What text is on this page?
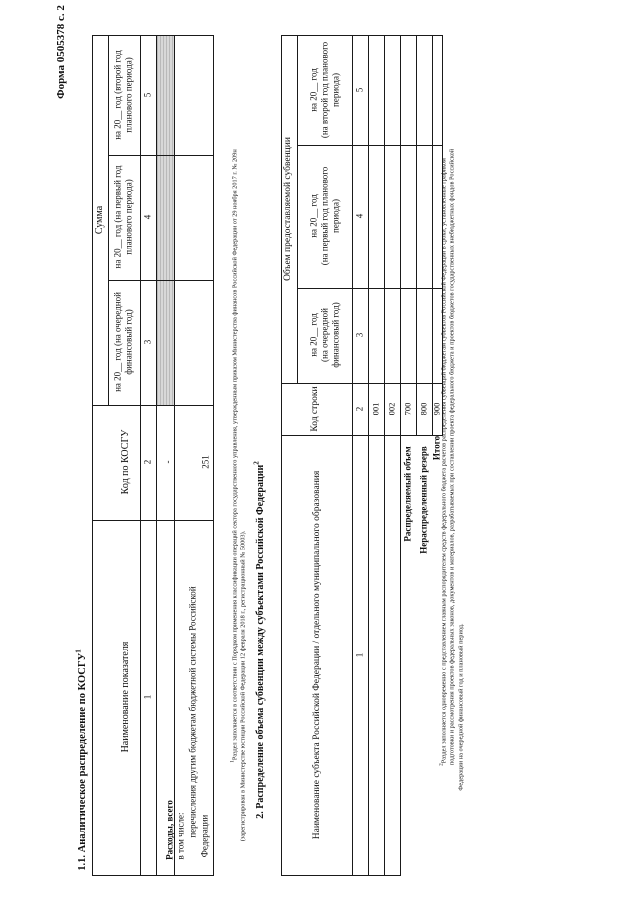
Форма 0505378 с. 2
1.1. Аналитическое распределение по КОСГУ$^1$	Наименование показателя
Код по КОСГУ
Сумма
на 20__ год (на очередной финансовый год)
на 20__ год (на первый год планового периода)
на 20__ год (второй год планового периода)
1
2
3
4
5
Расходы, всего
-
в том числе: перечисления другим бюджетам бюджетной системы Российской Федерации
251
$^1$Раздел заполняется в соответствии с Порядком применения классификации операций сектора государственного управления, утвержденным приказом Министерства финансов Российской Федерации от 29 ноября 2017 г. № 209н (зарегистрирован в Министерстве юстиции Российской Федерации 12 февраля 2018 г., регистрационный № 50003). 2. Распределение объема субвенции между субъектами Российской Федерации$^2$
Наименование субъекта Российской Федерации / отдельного муниципального образования
Код строки
Объем предоставляемой субвенции
на 20__ год (на очередной финансовый год)
на 20__ год (на первый год планового периода)
на 20__ год (на второй год планового периода)
1
2
3
4
5
001 002
Распределяемый объем
700
Нераспределенный резерв
800
Итого
900
$^2$Раздел заполняется одновременно с представлением главным распорядителем средств федерального бюджета расчетов распределения субвенций бюджетам субъектов Российской Федерации в сроки, установленные графиком подготовки и рассмотрения проектов федеральных законов, документов и материалов, разрабатываемых при составлении проекта федерального бюджета и проектов бюджетов государственных внебюджетных фондов Российской Федерации на очередной финансовый год и плановый период.
